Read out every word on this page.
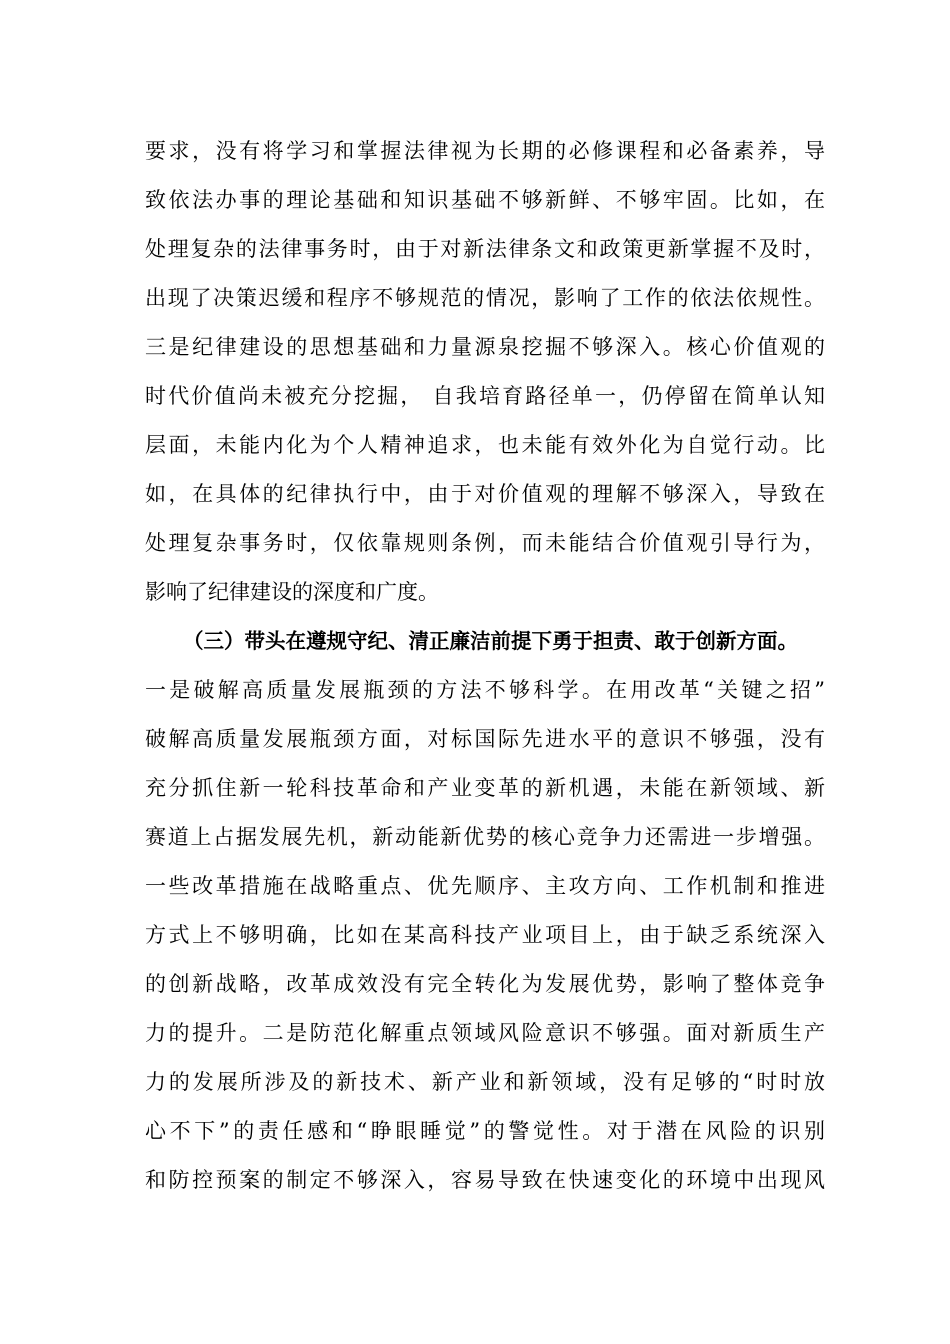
要求，没有将学习和掌握法律视为长期的必修课程和必备素养，导
致依法办事的理论基础和知识基础不够新鲜、不够牢固。比如，在
处理复杂的法律事务时，由于对新法律条文和政策更新掌握不及时，
出现了决策迟缓和程序不够规范的情况，影响了工作的依法依规性。
三是纪律建设的思想基础和力量源泉挖掘不够深入。核心价值观的
时代价值尚未被充分挖掘， 自我培育路径单一，仍停留在简单认知
层面，未能内化为个人精神追求，也未能有效外化为自觉行动。比
如，在具体的纪律执行中，由于对价值观的理解不够深入，导致在
处理复杂事务时，仅依靠规则条例，而未能结合价值观引导行为，
影响了纪律建设的深度和广度。
（三）带头在遵规守纪、清正廉洁前提下勇于担责、敢于创新方面。
一是破解高质量发展瓶颈的方法不够科学。在用改革“关键之招”
破解高质量发展瓶颈方面，对标国际先进水平的意识不够强，没有
充分抓住新一轮科技革命和产业变革的新机遇，未能在新领域、新
赛道上占据发展先机，新动能新优势的核心竞争力还需进一步增强。
一些改革措施在战略重点、优先顺序、主攻方向、工作机制和推进
方式上不够明确，比如在某高科技产业项目上，由于缺乏系统深入
的创新战略，改革成效没有完全转化为发展优势，影响了整体竞争
力的提升。二是防范化解重点领域风险意识不够强。面对新质生产
力的发展所涉及的新技术、新产业和新领域，没有足够的“时时放
心不下”的责任感和“睁眼睡觉”的警觉性。对于潜在风险的识别
和防控预案的制定不够深入，容易导致在快速变化的环境中出现风
